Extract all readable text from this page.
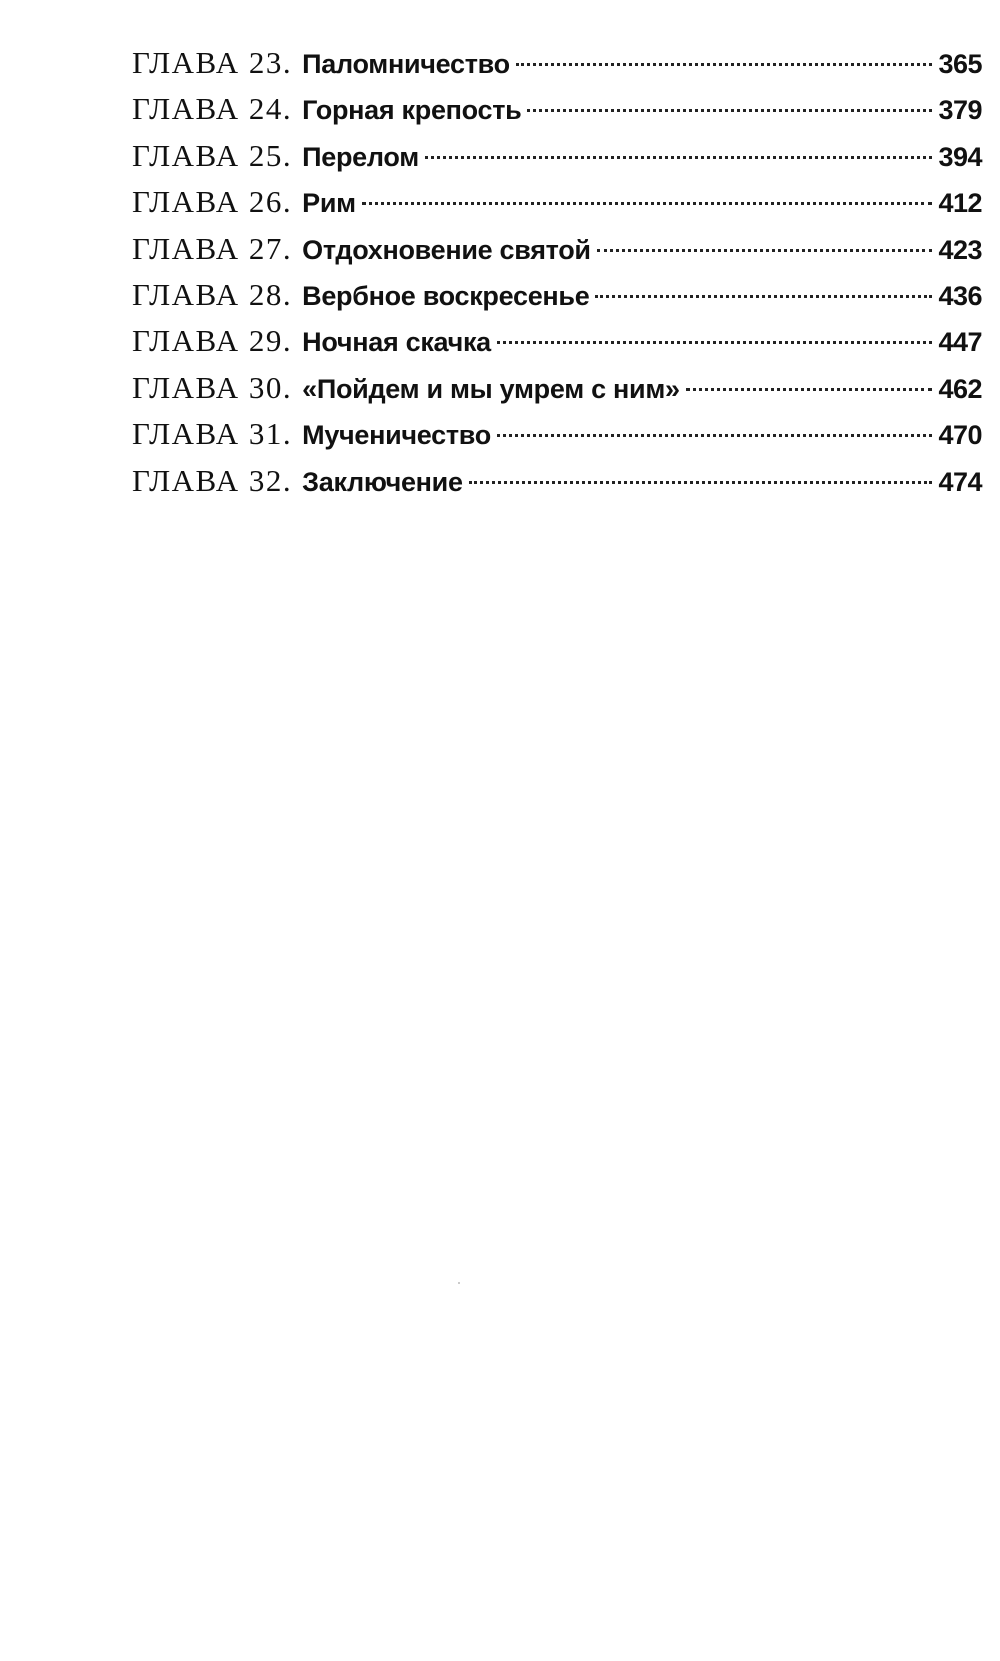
ГЛАВА 23. Паломничество	365
ГЛАВА 24. Горная крепость	379
ГЛАВА 25. Перелом	394
ГЛАВА 26. Рим	412
ГЛАВА 27. Отдохновение святой	423
ГЛАВА 28. Вербное воскресенье	436
ГЛАВА 29. Ночная скачка	447
ГЛАВА 30. «Пойдем и мы умрем с ним»	462
ГЛАВА 31. Мученичество	470
ГЛАВА 32. Заключение	474
